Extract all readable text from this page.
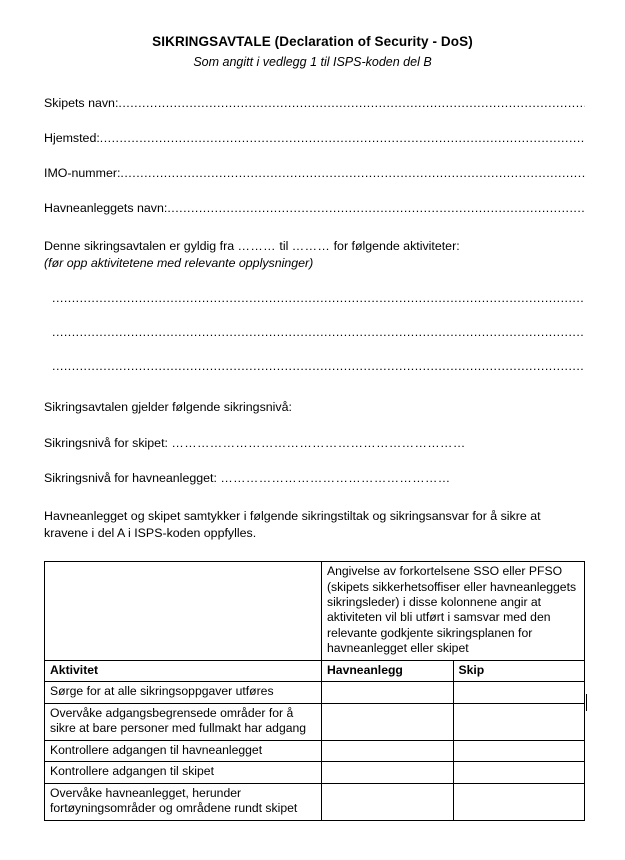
SIKRINGSAVTALE (Declaration of Security - DoS)
Som angitt i vedlegg 1 til ISPS-koden del B
Skipets navn:
.....
Hjemsted:
.....
IMO-nummer:
.....
Havneanleggets navn:
.....

Denne sikringsavtalen er gyldig fra ……… til ……… for følgende aktiviteter:

(før opp aktivitetene med relevante opplysninger)

.....
.....
.....

Sikringsavtalen gjelder følgende sikringsnivå:

Sikringsnivå for skipet: ……………………………………………………………

Sikringsnivå for havneanlegget: ………………………………………………

Havneanlegget og skipet samtykker i følgende sikringstiltak og sikringsansvar for å sikre at kravene i del A i ISPS-koden oppfylles.

	Angivelse av forkortelsene SSO eller PFSO (skipets sikkerhetsoffiser eller havneanleggets sikringsleder) i disse kolonnene angir at aktiviteten vil bli utført i samsvar med den relevante godkjente sikringsplanen for havneanlegget eller skipet	
Aktivitet	Havneanlegg	Skip
Sørge for at alle sikringsoppgaver utføres		
Overvåke adgangsbegrensede områder for å sikre at bare personer med fullmakt har adgang		
Kontrollere adgangen til havneanlegget		
Kontrollere adgangen til skipet		
Overvåke havneanlegget, herunder fortøyningsområder og områdene rundt skipet		
